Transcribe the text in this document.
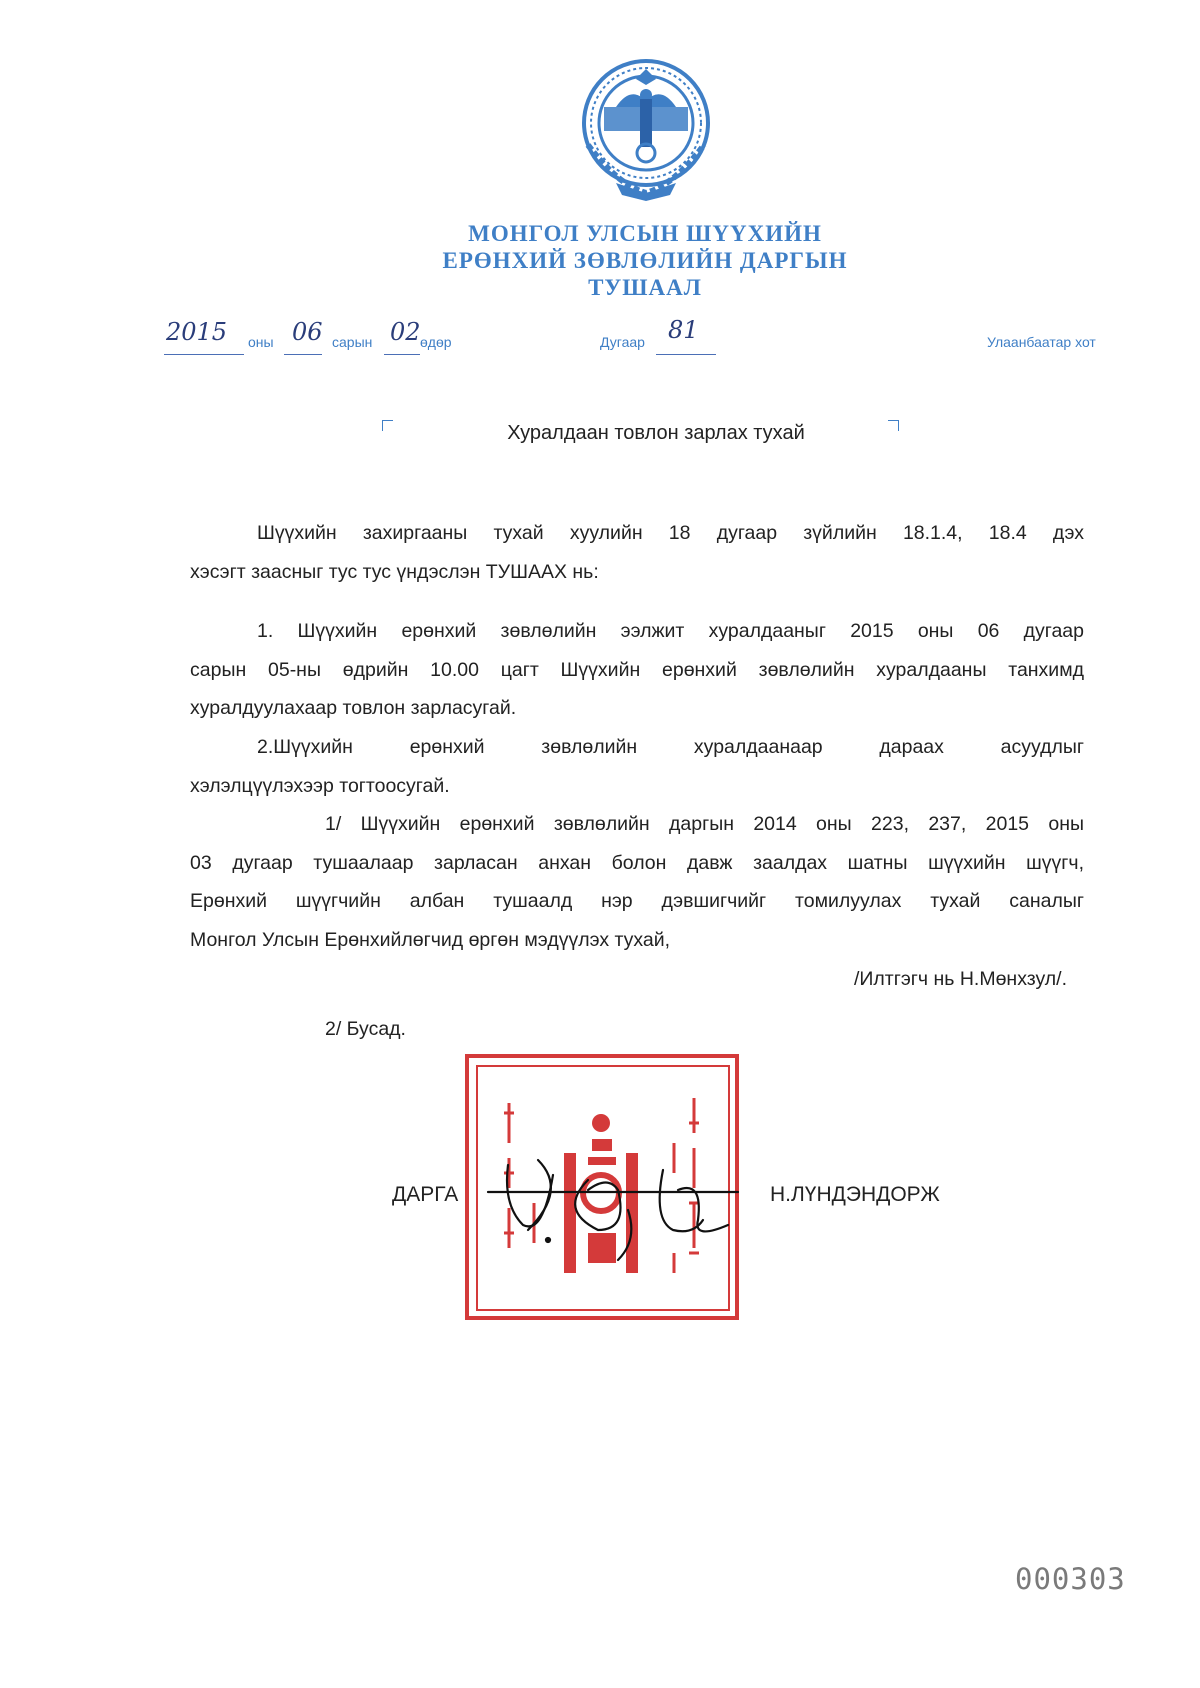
МОНГОЛ УЛСЫН ШҮҮХИЙН
ЕРӨНХИЙ ЗӨВЛӨЛИЙН ДАРГЫН
ТУШААЛ
2015 оны 06 сарын 02 өдөр	Дугаар 81	Улаанбаатар хот
Хуралдаан товлон зарлах тухай
Шүүхийн захиргааны тухай хуулийн 18 дугаар зүйлийн 18.1.4, 18.4 дэх
хэсэгт заасныг тус тус үндэслэн ТУШААХ нь:
1. Шүүхийн ерөнхий зөвлөлийн ээлжит хуралдааныг 2015 оны 06 дугаар
сарын 05-ны өдрийн 10.00 цагт Шүүхийн ерөнхий зөвлөлийн хуралдааны танхимд
хуралдуулахаар товлон зарласугай.
2.Шүүхийн ерөнхий зөвлөлийн хуралдаанаар дараах асуудлыг
хэлэлцүүлэхээр тогтоосугай.
1/ Шүүхийн ерөнхий зөвлөлийн даргын 2014 оны 223, 237, 2015 оны
03 дугаар тушаалаар зарласан анхан болон давж заалдах шатны шүүхийн шүүгч,
Ерөнхий шүүгчийн албан тушаалд нэр дэвшигчийг томилуулах тухай саналыг
Монгол Улсын Ерөнхийлөгчид өргөн мэдүүлэх тухай,
/Илтгэгч нь Н.Мөнхзул/.
2/ Бусад.
ДАРГА	Н.ЛҮНДЭНДОРЖ
000303
